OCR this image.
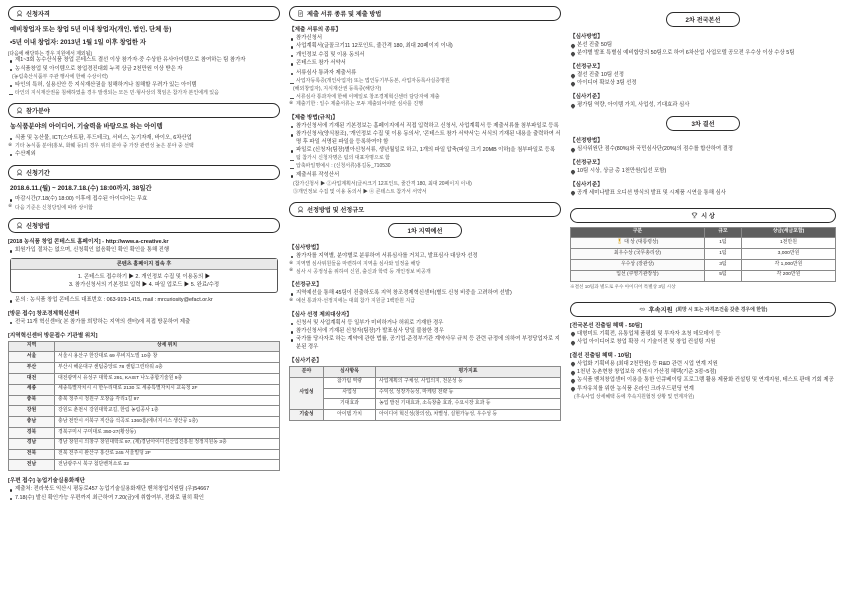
신청자격
예비창업자 또는 창업 5년 이내 창업자(개인, 법인, 단체 등)
•5년 이내 창업자: 2013년 1월 1일 이후 창업한 자
[다음에 해당하는 경우 지원에서 제외됨]
제1~3회 농수산식품 창업 콘테스트 결선 이상 참가자·중 수상한 유사아이템으로 참여하는 팀 참가자
농식품창업 및 아이템으로 창업경진대회 누적 상금 2천만원 이상 받은 자
(농림축산식품부 주관 행사에 한해 수상이력)
타인의 특허, 실용신안 등 지식재산권을 침해하거나 침해할 우려가 있는 아이템
타인의 지식재산권을 침해하였을 경우 발생되는 모든 민·형사상의 책임은 참가자 본인에게 있음
참가분야
농식품분야의 아이디어, 기술력을 바탕으로 하는 아이템
식품 및 농산물, ICT(스마트팜, 푸드테크), 서비스, 농기자재, 바이오, 6차산업
※ 기타 농식품 분야(홍보, 화훼 등)의 경우 위의 분야 중 가장 관련성 높은 분야 중 선택
수산제외
신청기간
2018.6.11.(월) ~ 2018.7.18.(수) 18:00까지, 38일간
마감시간(7.18(수) 18:00) 이후에 접수된 아이디어는 무효
※ 다음 기준은 신청당일에 따라 상이함
신청방법
[2018 농식품 창업 콘테스트 홈페이지] - http://www.a-creative.kr
회원가입 절차는 없으며, 신청획인 없음확인 확인 확인을 통해 진행
콘텐츠 홈페이지 접속 후
1. 콘테스트 접수하기 ▶ 2. 개인정보 수집 및 이용동의 ▶
3. 참가신청서의 기본정보 입력 ▶ 4. 파일 업로드 ▶ 5. 완료/수정
문의 : 농식품 창업 콘테스트 대표번호 : 063-919-1415, mail : mrcuriosity@efact.or.kr
[방문 접수] 창조경제혁신센터
전국 11개 혁신센터( 본 참가를 희망하는 지역의 센터)에 직접 방문하여 제출
[지역혁신센터 방문접수 기관별 위치]
지역	상세 위치
서울	서울시 용산구 한강대로 69 루비지노빌 10층 창
부산	부산시 해운대구 센텀중앙로 78 센텀그린타워 4층
대전	대전광역시 유성구 대학로 291, KAIST 나노종합기술원 9층
세종	세종특별자치시 시 한누리대로 2130 도 세종특별자치시 교육청 2F
충북	충북 청주시 청원구 오창읍 각리1길 97
강원	강원도 춘천시 강원대학교길, 한림 농림공사 1층
충남	충남 천안시 서북구 직산읍 석곡로 1360홈(에너지시스 생산공 1층)
경북	경북구미시 구미대로 350-27(황상동)
경남	경남 창원시 의창구 창원대학로 97, (제)경남아이디션산업진흥원 정정지원동 3층
전북	전북 전주시 완산구 홍산로 245 서울빌딩 2F
전남	전남광주시 북구 첨단벤처소로 32
[우편 접수] 농업기술실용화재단
제출처: 전라북도 익산시 평동로457 농업기술실용화재단 벤처창업지원팀 (우)54667
7.18(수) 발신 확인가능 우편까지 최근하여 7.20(금)에 취합여부, 전화로 필히 확인
제출 서류 종류 및 제출 방법
【 제출 서류의 종류 】
참가신청서
사업계획서(글꼴크기11 12포인트, 줄간격 180, 최대 20페이지 이내)
개인정보 수집 및 이용 동의서
콘테스트 참가 서약서
서류심사 통과자 제출서류
사업자등록증(개인사업자) 또는 법인등기부등본, 사업자등록사실증명원
(해외창업자), 지식재산권 등록증(해당자)
서류심사 통과자에 한해 이메일로 창조경제혁신센터 담당자에 제출
※ 제출기한 : 일수 제출서류는 모두 제출되어야만 심사를 진행
【 제출 방법(규칙) 】
참가신청서에 기재된 기본정보는 홈페이지에서 직접 입력하고 신청서, 사업계획서 등 제출서류를 첨부파일로 등록
참가신청서(양식참조), '개인정보 수집 및 이용 동의서', '콘테스트 참가 서약서'는 서식의 기재된 내용을 출력하여 서명 후 파일 서명된 파일을 등록하여야 함
파일로 (신청자(팀장)별아신청서류, 생년월일로 하고, 1개의 파일 압축(파일 크기 20MB 이하)을 첨부파일로 등록
팀 참가시 신청자명은 팀의 대표자명으로 함
압축파일명예시 : (신청서류)홍길동_710530
제출서류 작성산서
(참가신청서 ▶ ②사업계획서(글씨크기 12포인트, 줄간격 180, 최대 20페이지 이내)
③개인정보 수집 및 이용 동의서 ▶ ④ 콘테스트 참가서 서약서
선정방법 및 선정규모
1차 지역예선
【 심사방법 】
참가자를 지역별, 분야별로 분류하여 서류심사를 거치고, 발표심사 대상자 선정
※ 지역별 심사위원들을 마련하여 지역을 심사와 일정을 해당
※ 심사 시 공정성을 위하여 신원, 출신과 학력 등 개인정보 비공개
【 선정규모 】
지역예선을 통해 45팀이 진출하도록 지역 창조경제혁신센터(별도 신청 비중을 고려하여 선발)
※ 예선 통과자·선정지에는 대회 참가 지원금 1백만원 지급
【 심사 선정 제외대상자 】
신청서 및 사업계획서 등 일부가 미비하거나 허위로 기재한 경우
참가신청서에 기재된 신청자(팀장)가 발표심사 당일 불참한 경우
국가를 당사자로 하는 계약에 관한 법률, 공기업·준정부기관 계약사무 규칙 등 관련 규정에 의하여 부정당업자로 지분된 경우
【 심사기준 】
분야	심사항목	평가지표
사업성	참가팀 역량	사업계획의 구체성, 사업의지, 전문성 등
	사업성	수익성, 성장가능성, 마케팅 전략 등
	기대효과	농업 발전 기대효과, 소득창출 효과, 수요시장 효과 등
기술성	아이템 가치	아이디어 혁신성(창의성), 차별성, 실현가능성, 우수성 등
2차 전국본선
【 심사방법 】
본선 진출 50팀
분야별 발표 특별심 예비합당의 50팀으로 하여 6차산업 사업모델 공모전 우수상 이상 수상 5팀
【 선정규모 】
결선 진출 10팀 선정
아이디어 확보상 3팀 선정
【 심사기준 】
평가팀 역량, 아이템 가치, 사업성, 기대효과 심사
3차 결선
【 선정방법 】
심사위원단 점수(80%)와 국민심사단(20%)의 점수를 합산하여 결정
【 선정규모 】
10팀 시상, 상금 총 1천만원(입선 포함)
【 심사기준 】
공개 세미나발표 오디션 방식의 발표 및 시제품 시연을 통해 심사
시 상
구분	규모	상금(세금포함)
🎖 대 상 (대통령상)	1팀	1천만원
최우수상 (국무총리상)	1팀	3,000만원
우수상 (장관상)	3팀	각 1,000만원
입선 (쿠영기관장상)	5팀	각 200만원
※결선 10팀과 별도로 우수 아이디어 특별상 3팀 시상
후속지원 (희망 시 또는 자격조건을 갖춘 경우에 한함)
[전국본선 진출팀 혜택 - 50팀]
대형미트 기획전, 유통업체 품평회 및 투자자 초청 데모데이 등
사업 아이디어로 창업 확장 시 기술이전 및 창업 컨설팅 지원
[결선 진출팀 혜택 - 10팀]
사업화 기획비용 (최대 2천만원) 등 R&D 관련 시업 연계 지원
1천년 농촌현창 창업보육 지원시 가산점 혜택(기준 3점~5점)
농식품 벤처창업센터 이용을 통한 인큐베이팅 프로그램 활용 제품화 컨설팅 및 연계지원, 테스트 판매 기회 제공
투자유치를 위한 농식품 온라인 크라우드펀딩 연계
(후속사업 상세혜택 등에 후속지원협정 상황 및 연계자원)
